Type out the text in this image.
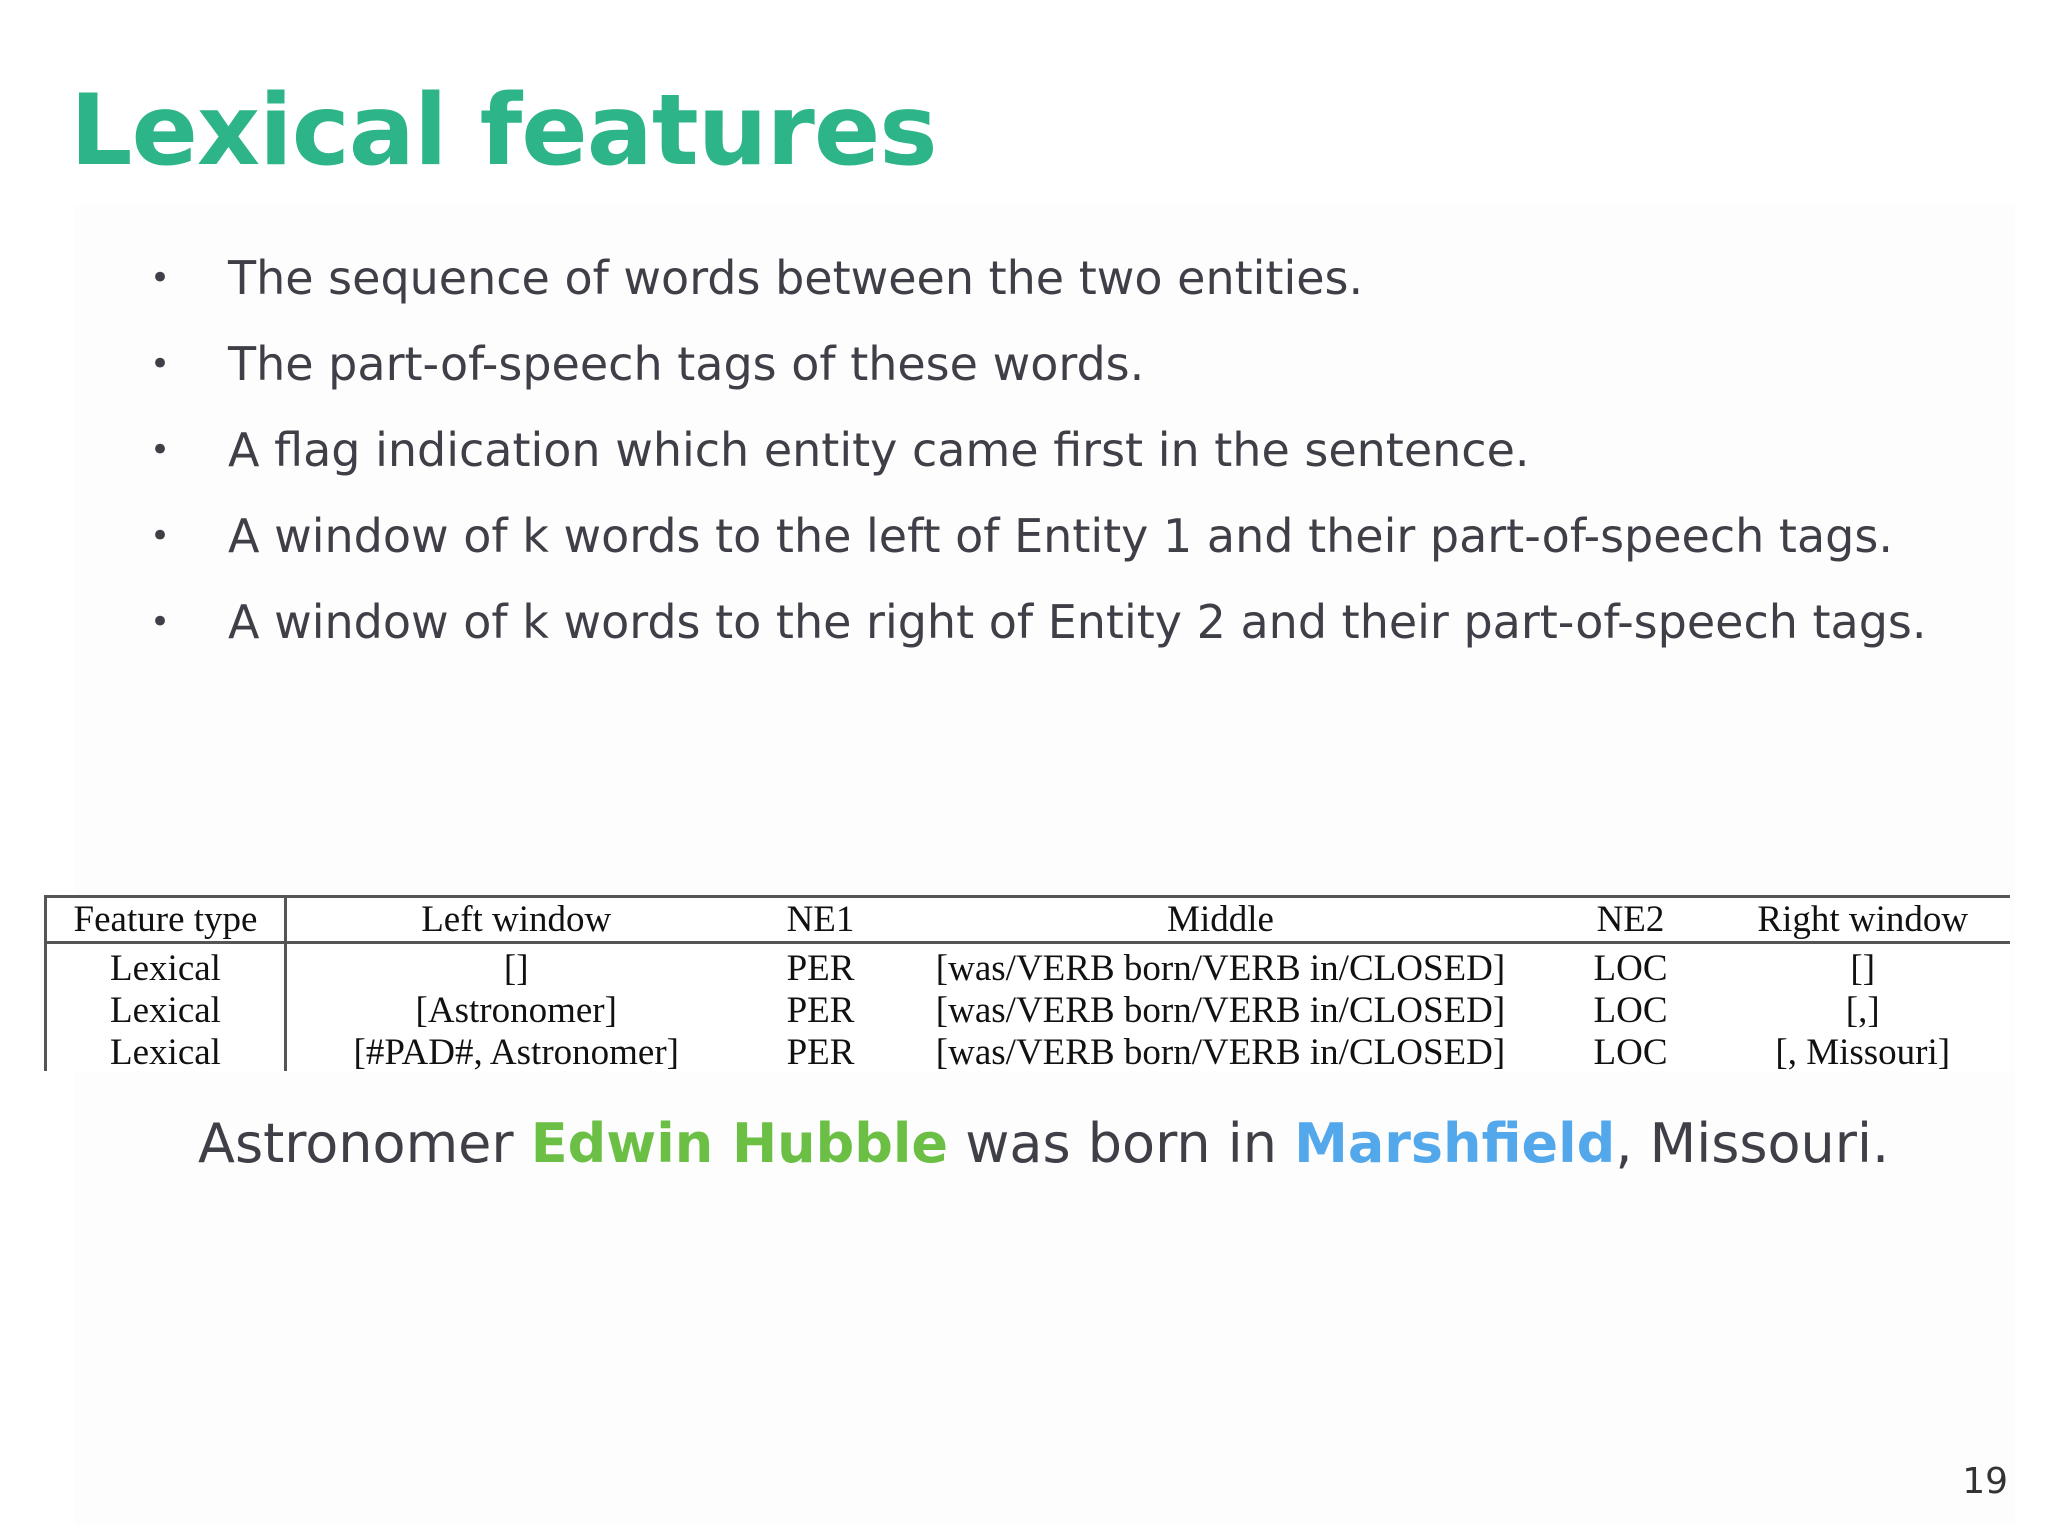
Lexical features
•	The sequence of words between the two entities.
•	The part-of-speech tags of these words.
•	A flag indication which entity came first in the sentence.
•	A window of k words to the left of Entity 1 and their part-of-speech tags.
•	A window of k words to the right of Entity 2 and their part-of-speech tags.
Feature type	Left window	NE1	Middle	NE2	Right window
Lexical	[]	PER	[was/VERB born/VERB in/CLOSED]	LOC	[]
Lexical	[Astronomer]	PER	[was/VERB born/VERB in/CLOSED]	LOC	[,]
Lexical	[#PAD#, Astronomer]	PER	[was/VERB born/VERB in/CLOSED]	LOC	[, Missouri]
Astronomer Edwin Hubble was born in Marshfield, Missouri.
19
